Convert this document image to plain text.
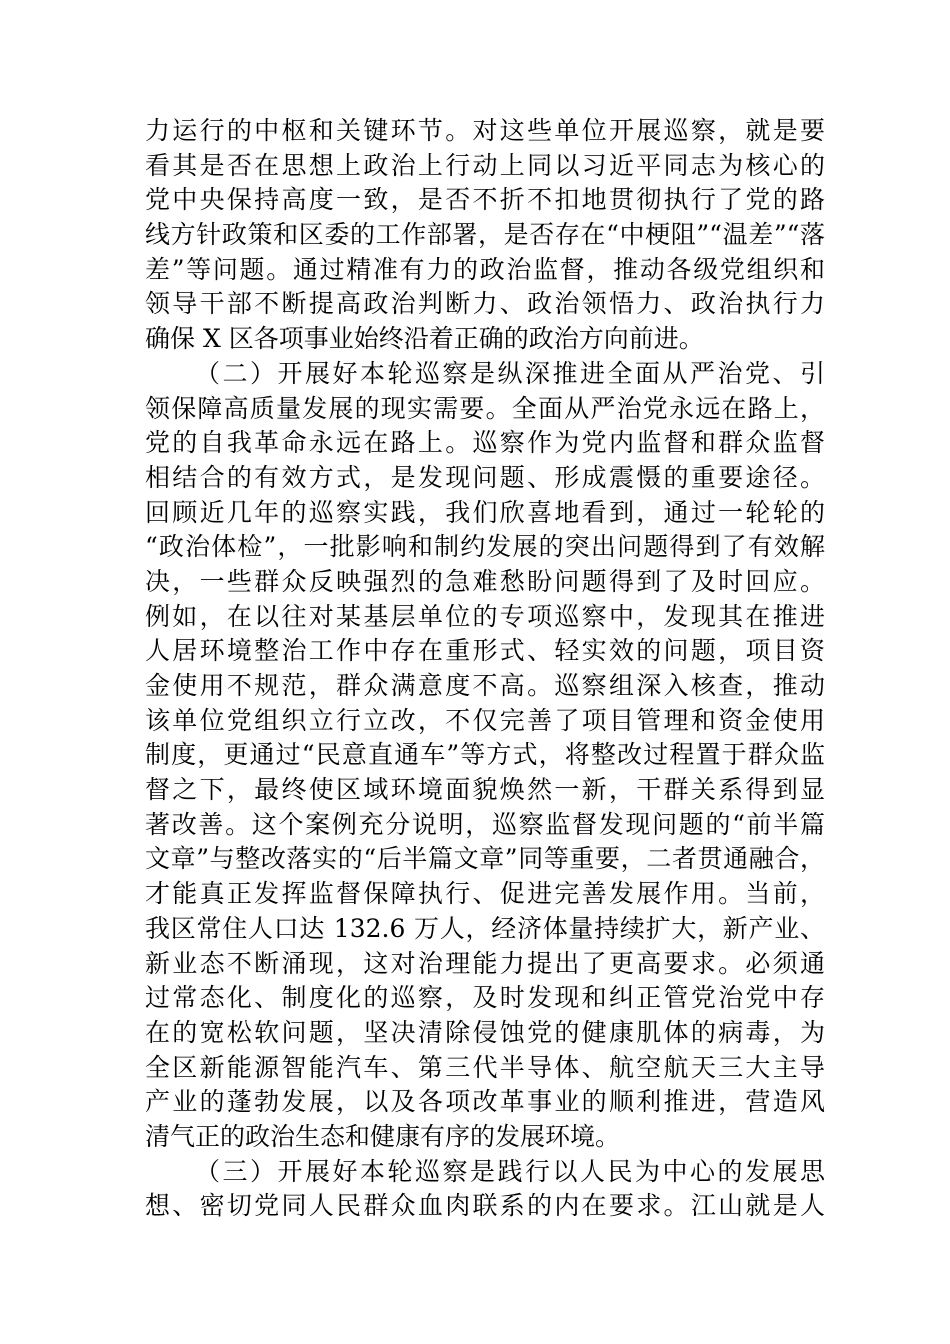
力运行的中枢和关键环节。对这些单位开展巡察，就是要
看其是否在思想上政治上行动上同以习近平同志为核心的
党中央保持高度一致，是否不折不扣地贯彻执行了党的路
线方针政策和区委的工作部署，是否存在“中梗阻”“温差”“落
差”等问题。通过精准有力的政治监督，推动各级党组织和
领导干部不断提高政治判断力、政治领悟力、政治执行力
确保 X 区各项事业始终沿着正确的政治方向前进。
（二）开展好本轮巡察是纵深推进全面从严治党、引
领保障高质量发展的现实需要。全面从严治党永远在路上，
党的自我革命永远在路上。巡察作为党内监督和群众监督
相结合的有效方式，是发现问题、形成震慑的重要途径。
回顾近几年的巡察实践，我们欣喜地看到，通过一轮轮的
“政治体检”，一批影响和制约发展的突出问题得到了有效解
决，一些群众反映强烈的急难愁盼问题得到了及时回应。
例如，在以往对某基层单位的专项巡察中，发现其在推进
人居环境整治工作中存在重形式、轻实效的问题，项目资
金使用不规范，群众满意度不高。巡察组深入核查，推动
该单位党组织立行立改，不仅完善了项目管理和资金使用
制度，更通过“民意直通车”等方式，将整改过程置于群众监
督之下，最终使区域环境面貌焕然一新，干群关系得到显
著改善。这个案例充分说明，巡察监督发现问题的“前半篇
文章”与整改落实的“后半篇文章”同等重要，二者贯通融合，
才能真正发挥监督保障执行、促进完善发展作用。当前，
我区常住人口达 132.6 万人，经济体量持续扩大，新产业、
新业态不断涌现，这对治理能力提出了更高要求。必须通
过常态化、制度化的巡察，及时发现和纠正管党治党中存
在的宽松软问题，坚决清除侵蚀党的健康肌体的病毒，为
全区新能源智能汽车、第三代半导体、航空航天三大主导
产业的蓬勃发展，以及各项改革事业的顺利推进，营造风
清气正的政治生态和健康有序的发展环境。
（三）开展好本轮巡察是践行以人民为中心的发展思
想、密切党同人民群众血肉联系的内在要求。江山就是人
